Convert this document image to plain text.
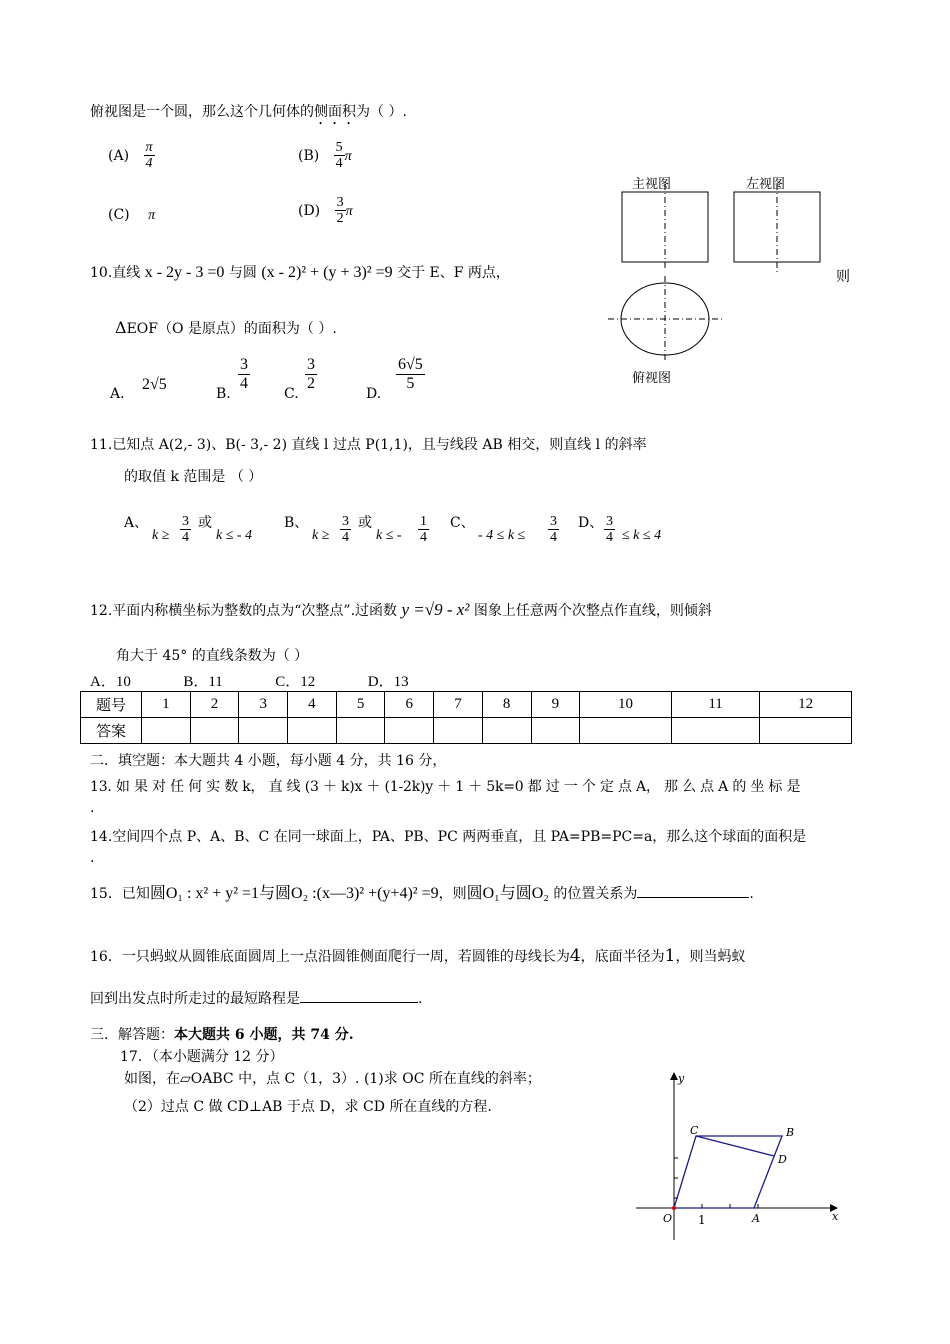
俯视图是一个圆，那么这个几何体的侧面积为（ ）.
$(A) \frac{\pi}{4}$	$(B) \frac{5}{4}$ π
(C) π	$(D) \frac{3}{2}$ π
主视图	左视图
俯视图
10.直线 x - 2y - 3 =0 与圆 (x - 2)² + (y + 3)² =9 交于 E、F 两点，	则
ΔEOF（O 是原点）的面积为（ ）.
A.
2√5
B.
$\frac{3}{4}$
C.
$\frac{3}{2}$
D.
$\frac{6√5}{5}$
11.已知点 A(2,- 3)、B(- 3,- 2) 直线 l 过点 P(1,1)，且与线段 AB 相交，则直线 l 的斜率
的取值 k 范围是 （ ）
A、
$k \ge \frac{3}{4}$ 或
k ≤ - 4
B、
$k \ge \frac{3}{4}$ 或
k ≤ - $\frac{1}{4}$ C、
- $4 \le k \le \frac{3}{4}$ D、 $\frac{3}{4} \le k \le 4$
12.平面内称横坐标为整数的点为“次整点”.过函数 y =√9 - x² 图象上任意两个次整点作直线，则倾斜
角大于 45° 的直线条数为（ ）
A．10              B．11              C．12              D．13
题号	1	2	3	4	5	6	7	8	9	10	11	12
答案												
二．填空题：本大题共 4 小题，每小题 4 分，共 16 分，
13. 如 果 对 任 何 实 数 k， 直 线 (3 ＋ k)x ＋ (1-2k)y ＋ 1 ＋ 5k=0 都 过 一 个 定 点 A， 那 么 点 A 的 坐 标 是
.
14.空间四个点 P、A、B、C 在同一球面上，PA、PB、PC 两两垂直，且 PA=PB=PC=a，那么这个球面的面积是
.
15．已知圆O₁ : x² + y² =1与圆O₂ :(x—3)² +(y+4)² =9，则圆O₁与圆O₂ 的位置关系为	.
16．一只蚂蚁从圆锥底面圆周上一点沿圆锥侧面爬行一周，若圆锥的母线长为4，底面半径为1，则当蚂蚁
回到出发点时所走过的最短路程是	.
三．解答题：本大题共 6 小题，共 74 分.
17．（本小题满分 12 分）
如图，在▱OABC 中，点 C（1，3）. (1)求 OC 所在直线的斜率；
（2）过点 C 做 CD⊥AB 于点 D，求 CD 所在直线的方程.
y
x
O 1	A
B
C
D
